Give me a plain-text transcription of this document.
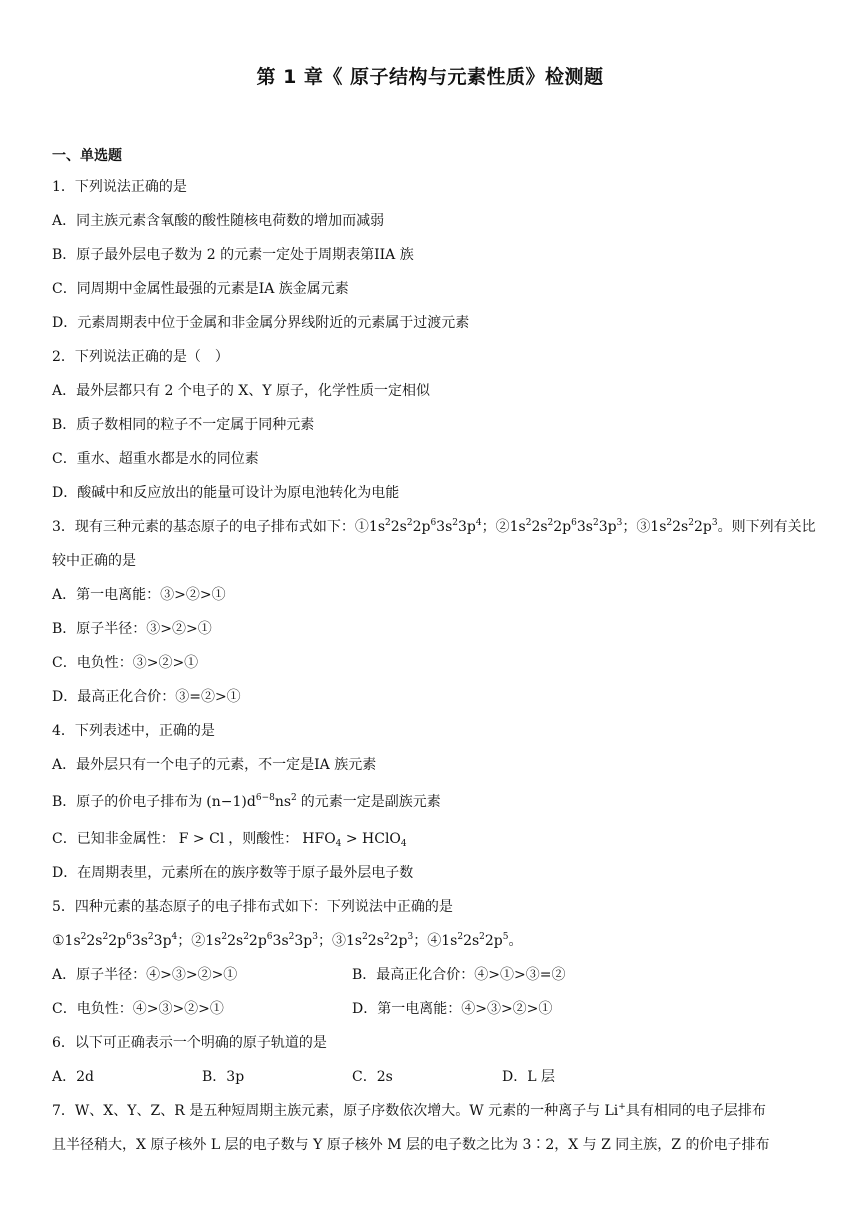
第 1 章《 原子结构与元素性质》检测题
一、单选题
1．下列说法正确的是
A．同主族元素含氧酸的酸性随核电荷数的增加而减弱
B．原子最外层电子数为 2 的元素一定处于周期表第IIA 族
C．同周期中金属性最强的元素是IA 族金属元素
D．元素周期表中位于金属和非金属分界线附近的元素属于过渡元素
2．下列说法正确的是（　）
A．最外层都只有 2 个电子的 X、Y 原子，化学性质一定相似
B．质子数相同的粒子不一定属于同种元素
C．重水、超重水都是水的同位素
D．酸碱中和反应放出的能量可设计为原电池转化为电能
3．现有三种元素的基态原子的电子排布式如下：$①1s^22s^22p^63s^23p^4$；$②1s^22s^22p^63s^23p^3$；$③1s^22s^22p^3$。则下列有关比
较中正确的是
A．第一电离能：③>②>①
B．原子半径：③>②>①
C．电负性：③>②>①
D．最高正化合价：③=②>①
4．下列表述中，正确的是
A．最外层只有一个电子的元素，不一定是IA 族元素
B．原子的价电子排布为 $(n-1)d^{6-8}ns^2$ 的元素一定是副族元素
C．已知非金属性： F > Cl ，则酸性： $HFO_4$ > HClO$_4$
D．在周期表里，元素所在的族序数等于原子最外层电子数
5．四种元素的基态原子的电子排布式如下：下列说法中正确的是
$①1s^22s^22p^63s^23p^4$；$②1s^22s^22p^63s^23p^3$；$③1s^22s^22p^3$；$④1s^22s^22p^5$。
A．原子半径：④>③>②>①	B．最高正化合价：④>①>③=②
C．电负性：④>③>②>①	D．第一电离能：④>③>②>①
6．以下可正确表示一个明确的原子轨道的是
A．2d	B．3p	C．2s	D．L 层
7．W、X、Y、Z、R 是五种短周期主族元素，原子序数依次增大。W 元素的一种离子与 Li+具有相同的电子层排布
且半径稍大，X 原子核外 L 层的电子数与 Y 原子核外 M 层的电子数之比为 3∶2，X 与 Z 同主族，Z 的价电子排布
